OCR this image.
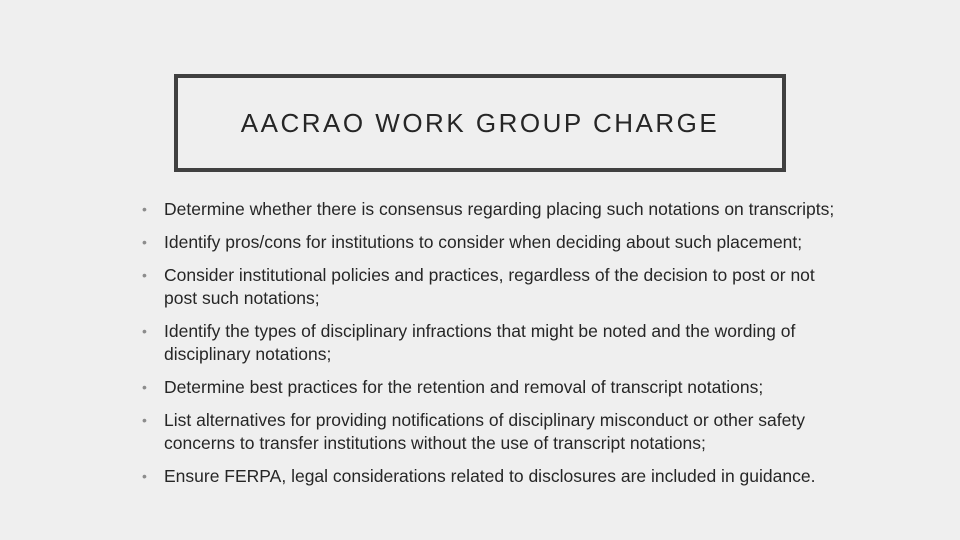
AACRAO WORK GROUP CHARGE
• Determine whether there is consensus regarding placing such notations on transcripts;
• Identify pros/cons for institutions to consider when deciding about such placement;
• Consider institutional policies and practices, regardless of the decision to post or not post such notations;
• Identify the types of disciplinary infractions that might be noted and the wording of disciplinary notations;
• Determine best practices for the retention and removal of transcript notations;
• List alternatives for providing notifications of disciplinary misconduct or other safety concerns to transfer institutions without the use of transcript notations;
• Ensure FERPA, legal considerations related to disclosures are included in guidance.
